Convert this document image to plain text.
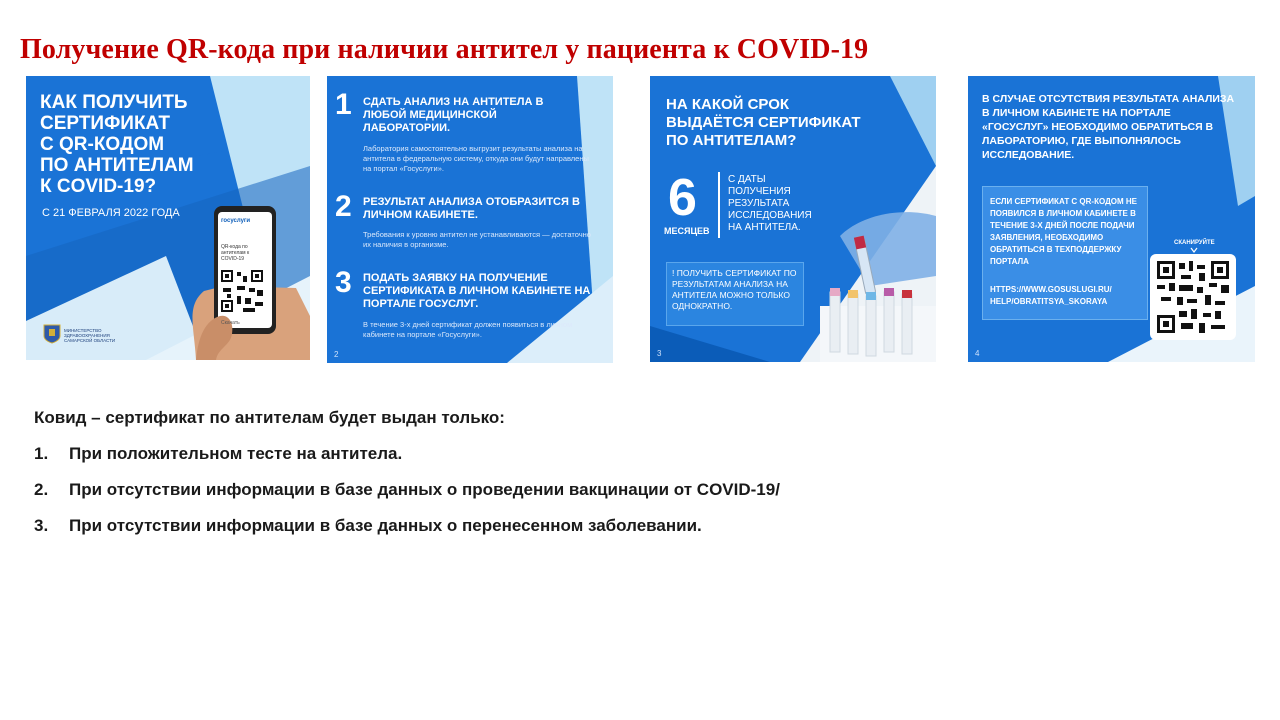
Получение QR-кода при наличии антител у пациента к COVID-19
КАК ПОЛУЧИТЬ
СЕРТИФИКАТ
С QR-КОДОМ
ПО АНТИТЕЛАМ
К COVID-19?
С 21 ФЕВРАЛЯ 2022 ГОДА
госуслуги
QR-кода по антителам к COVID-19
Скачать
МИНИСТЕРСТВО
ЗДРАВООХРАНЕНИЯ
САМАРСКОЙ ОБЛАСТИ
1 СДАТЬ АНАЛИЗ НА АНТИТЕЛА В ЛЮБОЙ МЕДИЦИНСКОЙ ЛАБОРАТОРИИ.
Лаборатория самостоятельно выгрузит результаты анализа на антитела в федеральную систему, откуда они будут направлены на портал «Госуслуги».
2 РЕЗУЛЬТАТ АНАЛИЗА ОТОБРАЗИТСЯ В ЛИЧНОМ КАБИНЕТЕ.
Требования к уровню антител не устанавливаются — достаточно их наличия в организме.
3 ПОДАТЬ ЗАЯВКУ НА ПОЛУЧЕНИЕ СЕРТИФИКАТА В ЛИЧНОМ КАБИНЕТЕ НА ПОРТАЛЕ ГОСУСЛУГ.
В течение 3-х дней сертификат должен появиться в личном кабинете на портале «Госуслуги».
2
НА КАКОЙ СРОК
ВЫДАЁТСЯ СЕРТИФИКАТ
ПО АНТИТЕЛАМ?
6
МЕСЯЦЕВ
С ДАТЫ
ПОЛУЧЕНИЯ
РЕЗУЛЬТАТА
ИССЛЕДОВАНИЯ
НА АНТИТЕЛА.
! ПОЛУЧИТЬ СЕРТИФИКАТ ПО РЕЗУЛЬТАТАМ АНАЛИЗА НА АНТИТЕЛА МОЖНО ТОЛЬКО ОДНОКРАТНО.
3
В СЛУЧАЕ ОТСУТСТВИЯ РЕЗУЛЬТАТА АНАЛИЗА В ЛИЧНОМ КАБИНЕТЕ НА ПОРТАЛЕ «ГОСУСЛУГ» НЕОБХОДИМО ОБРАТИТЬСЯ В ЛАБОРАТОРИЮ, ГДЕ ВЫПОЛНЯЛОСЬ ИССЛЕДОВАНИЕ.
ЕСЛИ СЕРТИФИКАТ С QR-КОДОМ НЕ ПОЯВИЛСЯ В ЛИЧНОМ КАБИНЕТЕ В ТЕЧЕНИЕ 3-Х ДНЕЙ ПОСЛЕ ПОДАЧИ ЗАЯВЛЕНИЯ, НЕОБХОДИМО ОБРАТИТЬСЯ В ТЕХПОДДЕРЖКУ ПОРТАЛА
HTTPS://WWW.GOSUSLUGI.RU/
HELP/OBRATITSYA_SKORAYA
СКАНИРУЙТЕ
4
Ковид – сертификат по антителам будет выдан только:
1. При положительном тесте на антитела.
2. При отсутствии информации в базе данных о проведении вакцинации от COVID-19/
3. При отсутствии информации в базе данных о перенесенном заболевании.
